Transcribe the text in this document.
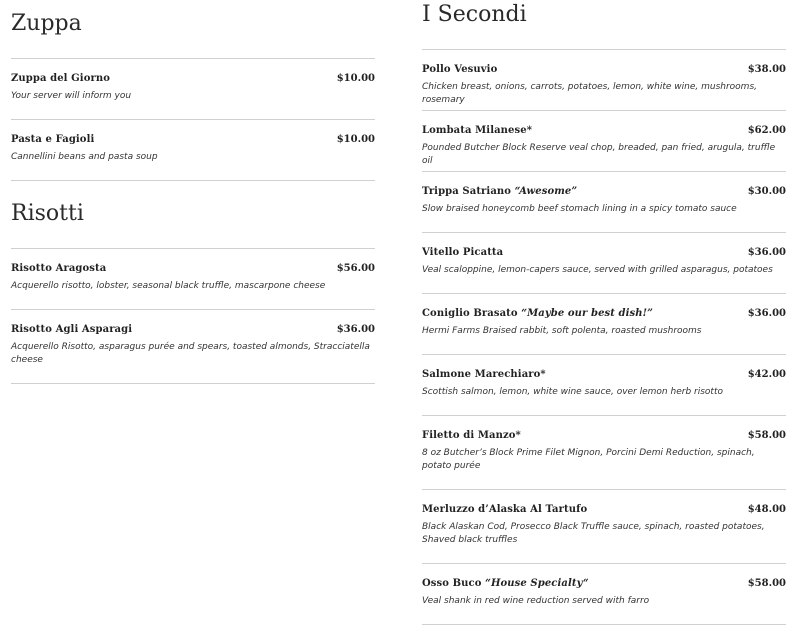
Zuppa
Zuppa del Giorno	$10.00
Your server will inform you
Pasta e Fagioli	$10.00
Cannellini beans and pasta soup
Risotti
Risotto Aragosta	$56.00
Acquerello risotto, lobster, seasonal black truffle, mascarpone cheese
Risotto Agli Asparagi	$36.00
Acquerello Risotto, asparagus purée and spears, toasted almonds, Stracciatella cheese
I Secondi
Pollo Vesuvio	$38.00
Chicken breast, onions, carrots, potatoes, lemon, white wine, mushrooms, rosemary
Lombata Milanese*	$62.00
Pounded Butcher Block Reserve veal chop, breaded, pan fried, arugula, truffle oil
Trippa Satriano “Awesome”	$30.00
Slow braised honeycomb beef stomach lining in a spicy tomato sauce
Vitello Picatta	$36.00
Veal scaloppine, lemon-capers sauce, served with grilled asparagus, potatoes
Coniglio Brasato “Maybe our best dish!”	$36.00
Hermi Farms Braised rabbit, soft polenta, roasted mushrooms
Salmone Marechiaro*	$42.00
Scottish salmon, lemon, white wine sauce, over lemon herb risotto
Filetto di Manzo*	$58.00
8 oz Butcher’s Block Prime Filet Mignon, Porcini Demi Reduction, spinach, potato purée
Merluzzo d’Alaska Al Tartufo	$48.00
Black Alaskan Cod, Prosecco Black Truffle sauce, spinach, roasted potatoes, Shaved black truffles
Osso Buco “House Specialty“	$58.00
Veal shank in red wine reduction served with farro
